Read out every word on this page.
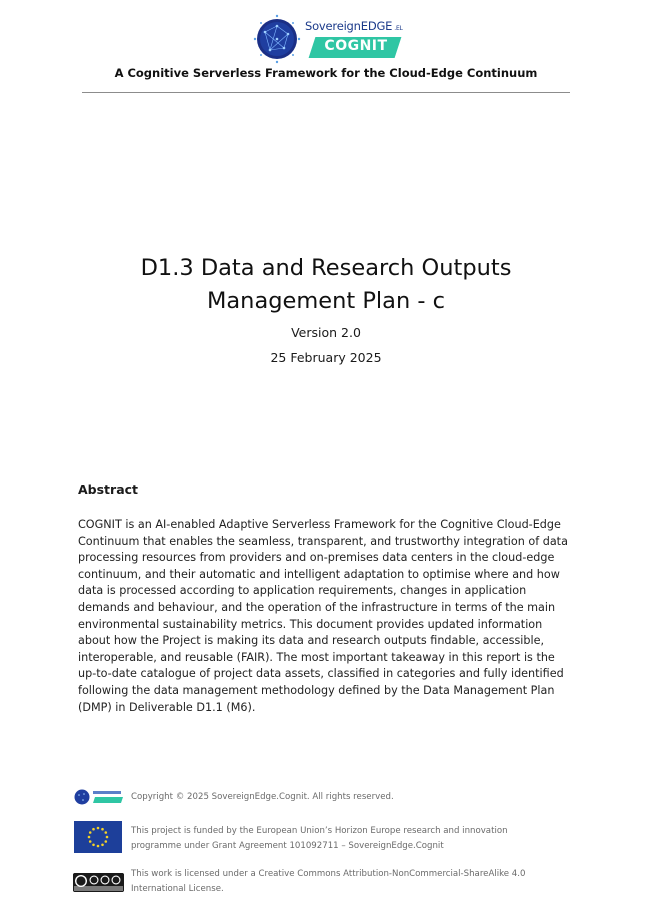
SovereignEDGE .EL
COGNIT
A Cognitive Serverless Framework for the Cloud-Edge Continuum
D1.3 Data and Research Outputs
Management Plan - c
Version 2.0
25 February 2025
Abstract
COGNIT is an AI-enabled Adaptive Serverless Framework for the Cognitive Cloud-Edge Continuum that enables the seamless, transparent, and trustworthy integration of data processing resources from providers and on-premises data centers in the cloud-edge continuum, and their automatic and intelligent adaptation to optimise where and how data is processed according to application requirements, changes in application demands and behaviour, and the operation of the infrastructure in terms of the main environmental sustainability metrics. This document provides updated information about how the Project is making its data and research outputs findable, accessible, interoperable, and reusable (FAIR). The most important takeaway in this report is the up-to-date catalogue of project data assets, classified in categories and fully identified following the data management methodology defined by the Data Management Plan (DMP) in Deliverable D1.1 (M6).
Copyright © 2025 SovereignEdge.Cognit. All rights reserved.
This project is funded by the European Union’s Horizon Europe research and innovation programme under Grant Agreement 101092711 – SovereignEdge.Cognit
This work is licensed under a Creative Commons Attribution-NonCommercial-ShareAlike 4.0 International License.
